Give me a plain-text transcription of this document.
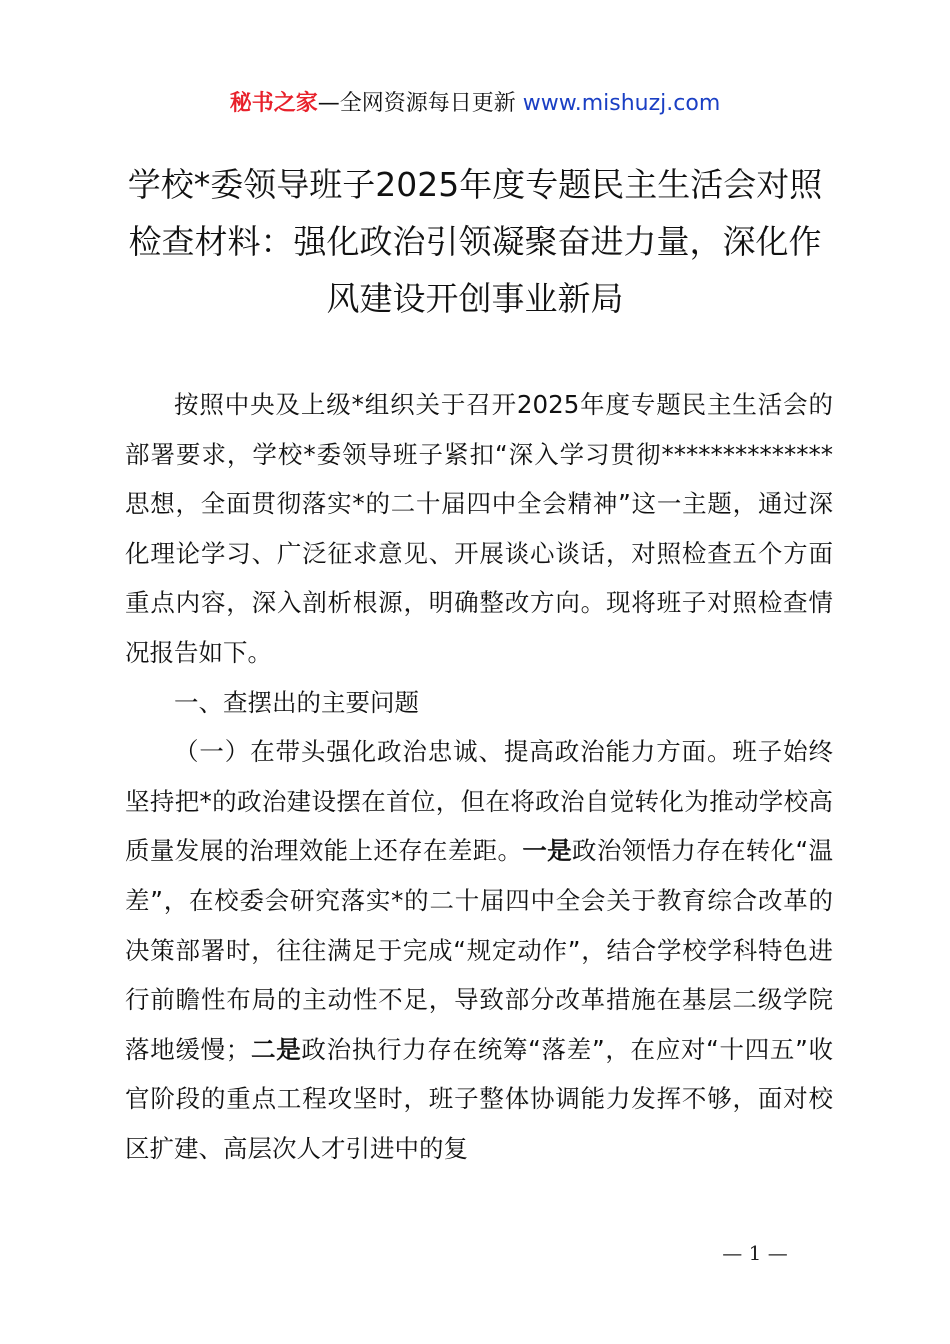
秘书之家—全网资源每日更新 www.mishuzj.com
学校*委领导班子2025年度专题民主生活会对照检查材料：强化政治引领凝聚奋进力量，深化作风建设开创事业新局

按照中央及上级*组织关于召开2025年度专题民主生活会的部署要求，学校*委领导班子紧扣“深入学习贯彻**************思想，全面贯彻落实*的二十届四中全会精神”这一主题，通过深化理论学习、广泛征求意见、开展谈心谈话，对照检查五个方面重点内容，深入剖析根源，明确整改方向。现将班子对照检查情况报告如下。

一、查摆出的主要问题

（一）在带头强化政治忠诚、提高政治能力方面。班子始终坚持把*的政治建设摆在首位，但在将政治自觉转化为推动学校高质量发展的治理效能上还存在差距。一是政治领悟力存在转化“温差”，在校委会研究落实*的二十届四中全会关于教育综合改革的决策部署时，往往满足于完成“规定动作”，结合学校学科特色进行前瞻性布局的主动性不足，导致部分改革措施在基层二级学院落地缓慢；二是政治执行力存在统筹“落差”，在应对“十四五”收官阶段的重点工程攻坚时，班子整体协调能力发挥不够，面对校区扩建、高层次人才引进中的复

— 1 —
